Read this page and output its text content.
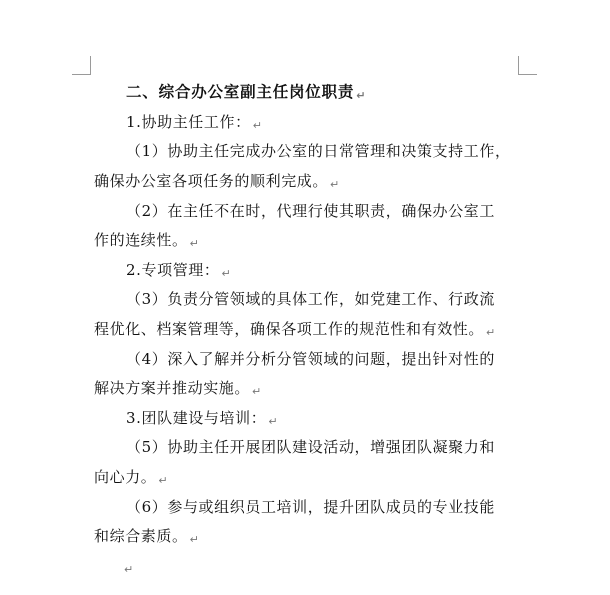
二、综合办公室副主任岗位职责 ↵
1.协助主任工作： ↵
（1）协助主任完成办公室的日常管理和决策支持工作，
确保办公室各项任务的顺利完成。 ↵
（2）在主任不在时，代理行使其职责，确保办公室工
作的连续性。 ↵
2.专项管理： ↵
（3）负责分管领域的具体工作，如党建工作、行政流
程优化、档案管理等，确保各项工作的规范性和有效性。 ↵
（4）深入了解并分析分管领域的问题，提出针对性的
解决方案并推动实施。 ↵
3.团队建设与培训： ↵
（5）协助主任开展团队建设活动，增强团队凝聚力和
向心力。 ↵
（6）参与或组织员工培训，提升团队成员的专业技能
和综合素质。 ↵
↵
